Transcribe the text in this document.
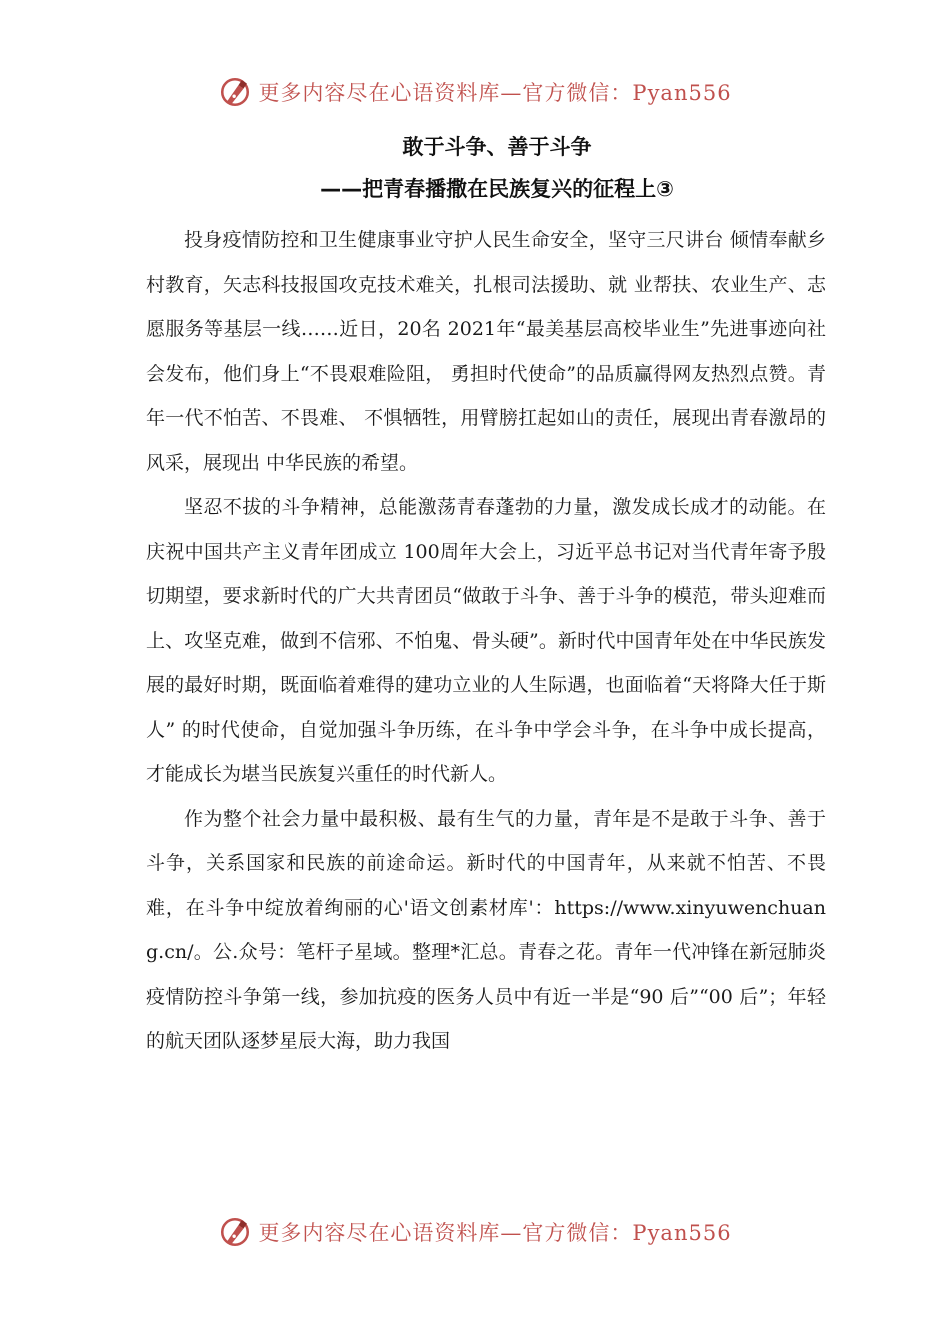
更多内容尽在心语资料库—官方微信：Pyan556
敢于斗争、善于斗争
——把青春播撒在民族复兴的征程上③

投身疫情防控和卫生健康事业守护人民生命安全，坚守三尺讲台 倾情奉献乡村教育，矢志科技报国攻克技术难关，扎根司法援助、就 业帮扶、农业生产、志愿服务等基层一线……近日，20名 2021年“最美基层高校毕业生”先进事迹向社会发布，他们身上“不畏艰难险阻， 勇担时代使命”的品质赢得网友热烈点赞。青年一代不怕苦、不畏难、 不惧牺牲，用臂膀扛起如山的责任，展现出青春激昂的风采，展现出 中华民族的希望。

坚忍不拔的斗争精神，总能激荡青春蓬勃的力量，激发成长成才的动能。在庆祝中国共产主义青年团成立 100周年大会上，习近平总书记对当代青年寄予殷切期望，要求新时代的广大共青团员“做敢于斗争、善于斗争的模范，带头迎难而上、攻坚克难，做到不信邪、不怕鬼、骨头硬”。新时代中国青年处在中华民族发展的最好时期，既面临着难得的建功立业的人生际遇，也面临着“天将降大任于斯人” 的时代使命，自觉加强斗争历练，在斗争中学会斗争，在斗争中成长提高，才能成长为堪当民族复兴重任的时代新人。

作为整个社会力量中最积极、最有生气的力量，青年是不是敢于斗争、善于斗争，关系国家和民族的前途命运。新时代的中国青年，从来就不怕苦、不畏难，在斗争中绽放着绚丽的心'语文创素材库'：https://www.xinyuwenchuang.cn/。公.众号：笔杆子星域。整理*汇总。青春之花。青年一代冲锋在新冠肺炎疫情防控斗争第一线，参加抗疫的医务人员中有近一半是“90 后”“00 后”；年轻的航天团队逐梦星辰大海，助力我国

更多内容尽在心语资料库—官方微信：Pyan556
